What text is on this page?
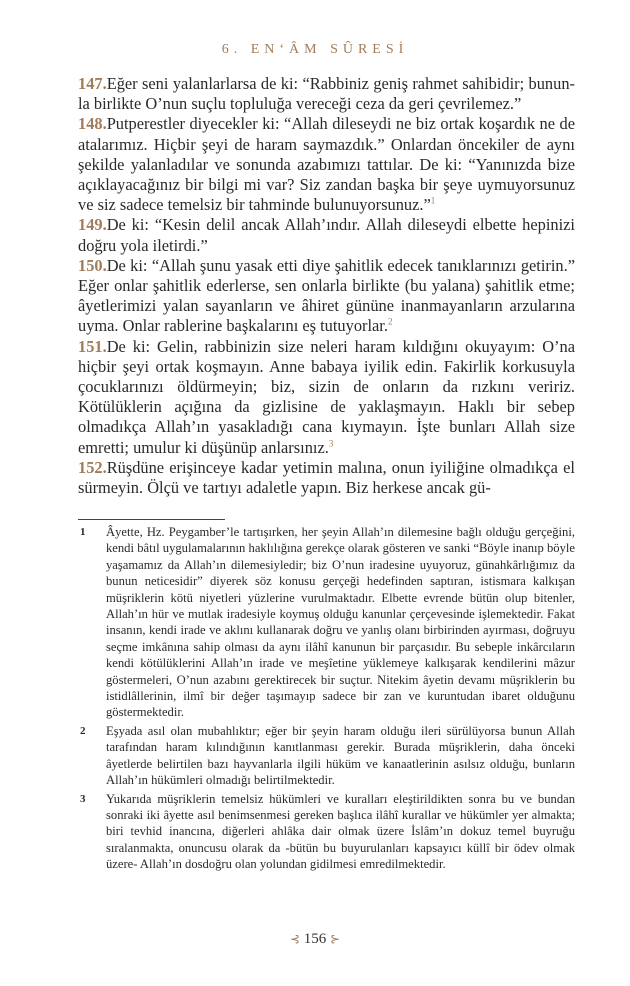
6. EN‘ÂM SÛRESİ

147.Eğer seni yalanlarlarsa de ki: “Rabbiniz geniş rahmet sahibidir; bununla birlikte O’nun suçlu topluluğa vereceği ceza da geri çevrilemez.”

148.Putperestler diyecekler ki: “Allah dileseydi ne biz ortak koşardık ne de atalarımız. Hiçbir şeyi de haram saymazdık.” Onlardan öncekiler de aynı şekilde yalanladılar ve sonunda azabımızı tattılar. De ki: “Yanınızda bize açıklayacağınız bir bilgi mi var? Siz zandan başka bir şeye uymuyorsunuz ve siz sadece temelsiz bir tahminde bulunuyorsunuz.”$^1$

149.De ki: “Kesin delil ancak Allah’ındır. Allah dileseydi elbette hepinizi doğru yola iletirdi.”

150.De ki: “Allah şunu yasak etti diye şahitlik edecek tanıklarınızı getirin.” Eğer onlar şahitlik ederlerse, sen onlarla birlikte (bu yalana) şahitlik etme; âyetlerimizi yalan sayanların ve âhiret gününe inanmayanların arzularına uyma. Onlar rablerine başkalarını eş tutuyorlar.$^2$

151.De ki: Gelin, rabbinizin size neleri haram kıldığını okuyayım: O’na hiçbir şeyi ortak koşmayın. Anne babaya iyilik edin. Fakirlik korkusuyla çocuklarınızı öldürmeyin; biz, sizin de onların da rızkını veririz. Kötülüklerin açığına da gizlisine de yaklaşmayın. Haklı bir sebep olmadıkça Allah’ın yasakladığı cana kıymayın. İşte bunları Allah size emretti; umulur ki düşünüp anlarsınız.$^3$

152.Rüşdüne erişinceye kadar yetimin malına, onun iyiliğine olmadıkça el sürmeyin. Ölçü ve tartıyı adaletle yapın. Biz herkese ancak gü-

1	Âyette, Hz. Peygamber’le tartışırken, her şeyin Allah’ın dilemesine bağlı olduğu gerçeğini, kendi bâtıl uygulamalarının haklılığına gerekçe olarak gösteren ve sanki “Böyle inanıp böyle yaşamamız da Allah’ın dilemesiyledir; biz O’nun iradesine uyuyoruz, günahkârlığımız da bunun neticesidir” diyerek söz konusu gerçeği hedefinden saptıran, istismara kalkışan müşriklerin kötü niyetleri yüzlerine vurulmaktadır. Elbette evrende bütün olup bitenler, Allah’ın hür ve mutlak iradesiyle koymuş olduğu kanunlar çerçevesinde işlemektedir. Fakat insanın, kendi irade ve aklını kullanarak doğru ve yanlış olanı birbirinden ayırması, doğruyu seçme imkânına sahip olması da aynı ilâhî kanunun bir parçasıdır. Bu sebeple inkârcıların kendi kötülüklerini Allah’ın irade ve meşîetine yüklemeye kalkışarak kendilerini mâzur göstermeleri, O’nun azabını gerektirecek bir suçtur. Nitekim âyetin devamı müşriklerin bu istidlâllerinin, ilmî bir değer taşımayıp sadece bir zan ve kuruntudan ibaret olduğunu göstermektedir.
2	Eşyada asıl olan mubahlıktır; eğer bir şeyin haram olduğu ileri sürülüyorsa bunun Allah tarafından haram kılındığının kanıtlanması gerekir. Burada müşriklerin, daha önceki âyetlerde belirtilen bazı hayvanlarla ilgili hüküm ve kanaatlerinin asılsız olduğu, bunların Allah’ın hükümleri olmadığı belirtilmektedir.
3	Yukarıda müşriklerin temelsiz hükümleri ve kuralları eleştirildikten sonra bu ve bundan sonraki iki âyette asıl benimsenmesi gereken başlıca ilâhî kurallar ve hükümler yer almakta; biri tevhid inancına, diğerleri ahlâka dair olmak üzere İslâm’ın dokuz temel buyruğu sıralanmakta, onuncusu olarak da -bütün bu buyurulanları kapsayıcı küllî bir ödev olmak üzere- Allah’ın dosdoğru olan yolundan gidilmesi emredilmektedir.
⊰ 156 ⊱
